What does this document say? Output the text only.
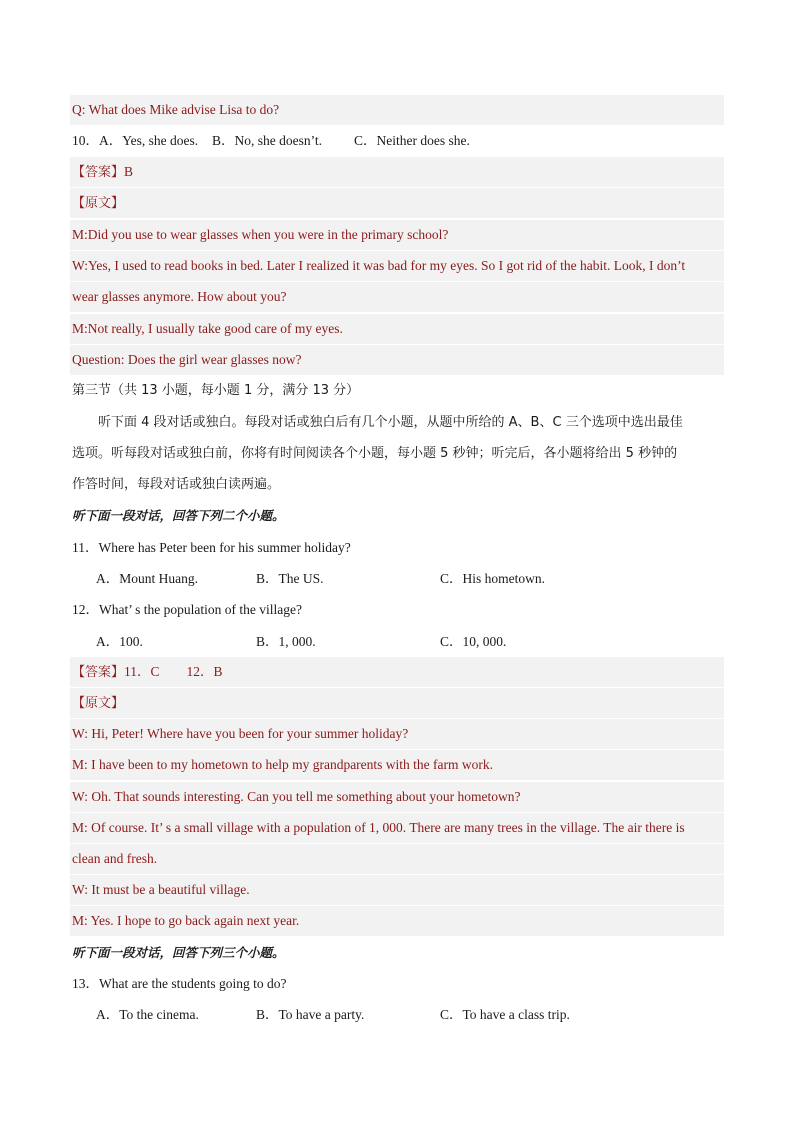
Q: What does Mike advise Lisa to do?
10．A．Yes, she does. B．No, she doesn’t. C．Neither does she.
【答案】B
【原文】
M:Did you use to wear glasses when you were in the primary school?
W:Yes, I used to read books in bed. Later I realized it was bad for my eyes. So I got rid of the habit. Look, I don’t
wear glasses anymore. How about you?
M:Not really, I usually take good care of my eyes.
Question: Does the girl wear glasses now?
第三节（共 13 小题，每小题 1 分，满分 13 分）
听下面 4 段对话或独白。每段对话或独白后有几个小题，从题中所给的 A、B、C 三个选项中选出最佳
选项。听每段对话或独白前，你将有时间阅读各个小题，每小题 5 秒钟；听完后，各小题将给出 5 秒钟的
作答时间，每段对话或独白读两遍。
听下面一段对话，回答下列二个小题。
11．Where has Peter been for his summer holiday?
A．Mount Huang.	B．The US.	C．His hometown.
12．What’ s the population of the village?
A．100.	B．1, 000.	C．10, 000.
【答案】11．C　　12．B
【原文】
W: Hi, Peter! Where have you been for your summer holiday?
M: I have been to my hometown to help my grandparents with the farm work.
W: Oh. That sounds interesting. Can you tell me something about your hometown?
M: Of course. It’ s a small village with a population of 1, 000. There are many trees in the village. The air there is
clean and fresh.
W: It must be a beautiful village.
M: Yes. I hope to go back again next year.
听下面一段对话，回答下列三个小题。
13．What are the students going to do?
A．To the cinema.	B．To have a party.	C．To have a class trip.
